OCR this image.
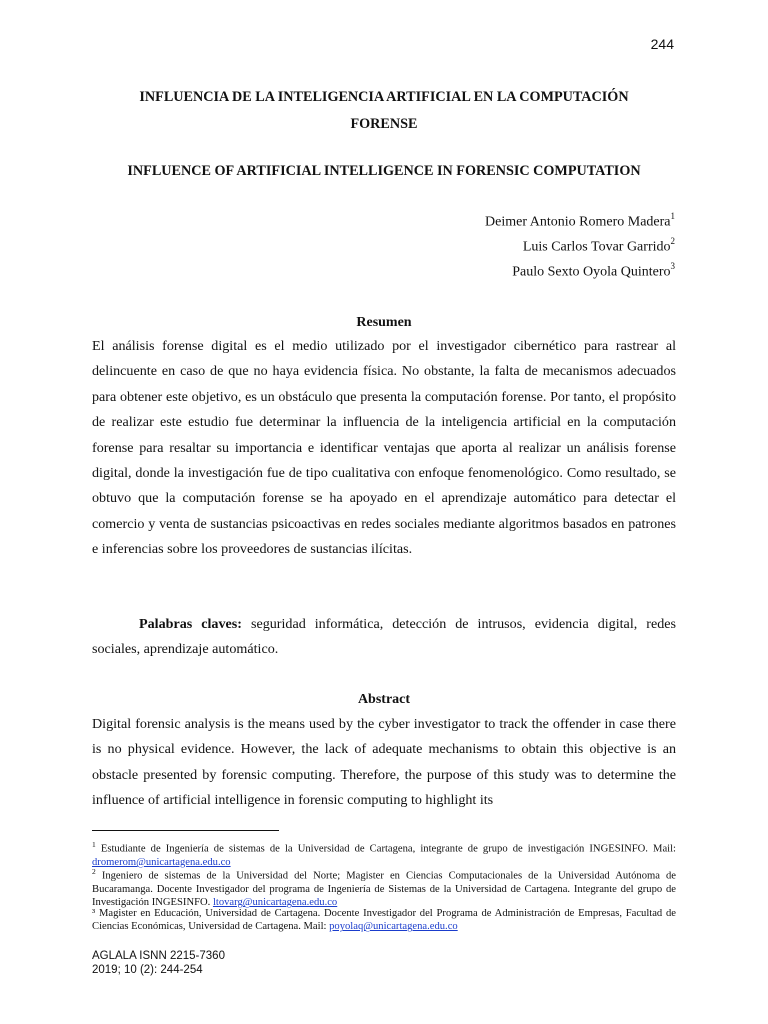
244
INFLUENCIA DE LA INTELIGENCIA ARTIFICIAL EN LA COMPUTACIÓN
FORENSE
INFLUENCE OF ARTIFICIAL INTELLIGENCE IN FORENSIC COMPUTATION
Deimer Antonio Romero Madera$^1$
Luis Carlos Tovar Garrido$^2$
Paulo Sexto Oyola Quintero$^3$
Resumen
El análisis forense digital es el medio utilizado por el investigador cibernético para rastrear al delincuente en caso de que no haya evidencia física. No obstante, la falta de mecanismos adecuados para obtener este objetivo, es un obstáculo que presenta la computación forense. Por tanto, el propósito de realizar este estudio fue determinar la influencia de la inteligencia artificial en la computación forense para resaltar su importancia e identificar ventajas que aporta al realizar un análisis forense digital, donde la investigación fue de tipo cualitativa con enfoque fenomenológico. Como resultado, se obtuvo que la computación forense se ha apoyado en el aprendizaje automático para detectar el comercio y venta de sustancias psicoactivas en redes sociales mediante algoritmos basados en patrones e inferencias sobre los proveedores de sustancias ilícitas.
Palabras claves: seguridad informática, detección de intrusos, evidencia digital, redes sociales, aprendizaje automático.
Abstract
Digital forensic analysis is the means used by the cyber investigator to track the offender in case there is no physical evidence. However, the lack of adequate mechanisms to obtain this objective is an obstacle presented by forensic computing. Therefore, the purpose of this study was to determine the influence of artificial intelligence in forensic computing to highlight its
$^1$ Estudiante de Ingeniería de sistemas de la Universidad de Cartagena, integrante de grupo de investigación INGESINFO. Mail: dromerom@unicartagena.edu.co
$^2$ Ingeniero de sistemas de la Universidad del Norte; Magister en Ciencias Computacionales de la Universidad Autónoma de Bucaramanga. Docente Investigador del programa de Ingeniería de Sistemas de la Universidad de Cartagena. Integrante del grupo de Investigación INGESINFO. ltovarg@unicartagena.edu.co
³ Magister en Educación, Universidad de Cartagena. Docente Investigador del Programa de Administración de Empresas, Facultad de Ciencias Económicas, Universidad de Cartagena. Mail: poyolaq@unicartagena.edu.co
AGLALA ISNN 2215-7360
2019; 10 (2): 244-254
